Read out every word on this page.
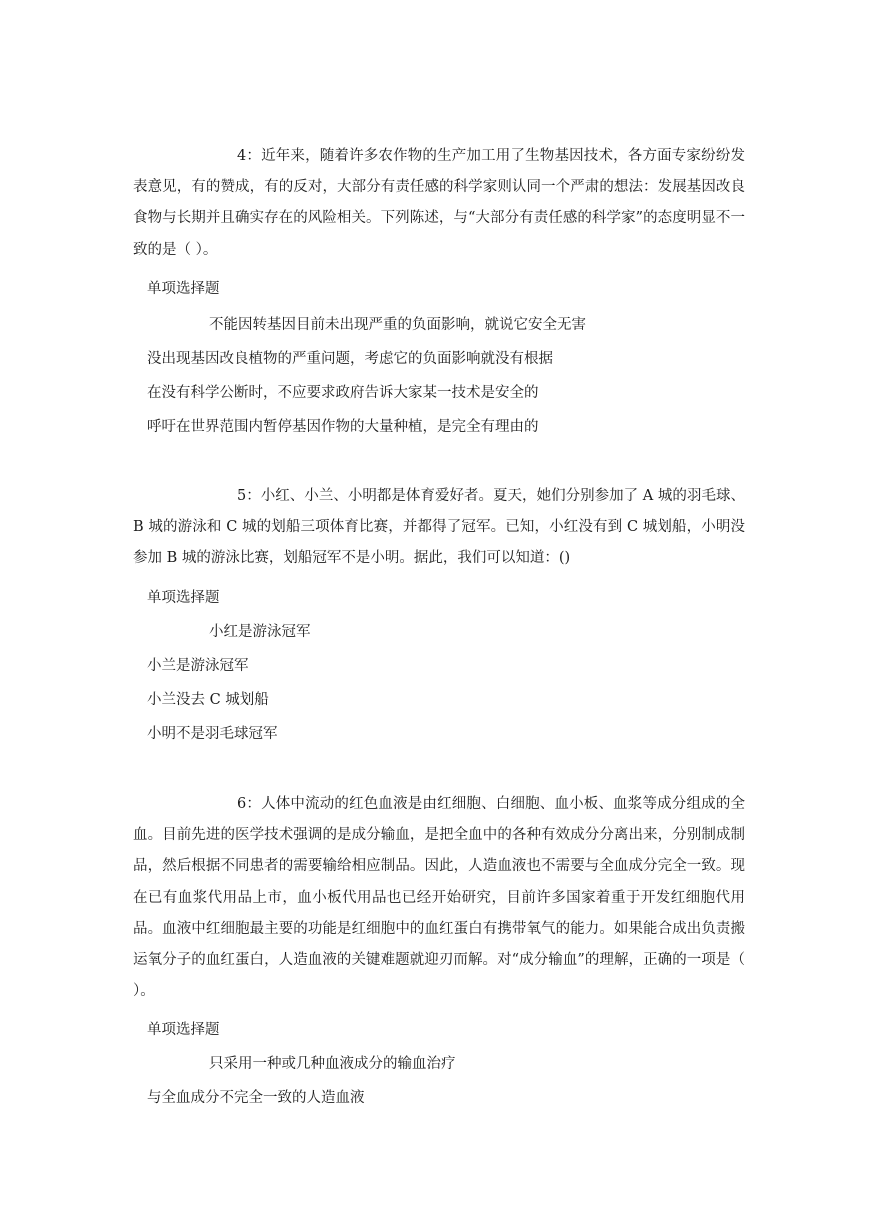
4：近年来，随着许多农作物的生产加工用了生物基因技术，各方面专家纷纷发表意见，有的赞成，有的反对，大部分有责任感的科学家则认同一个严肃的想法：发展基因改良食物与长期并且确实存在的风险相关。下列陈述，与“大部分有责任感的科学家”的态度明显不一致的是（ ）。

单项选择题

不能因转基因目前未出现严重的负面影响，就说它安全无害
没出现基因改良植物的严重问题，考虑它的负面影响就没有根据
在没有科学公断时，不应要求政府告诉大家某一技术是安全的
呼吁在世界范围内暂停基因作物的大量种植，是完全有理由的

5：小红、小兰、小明都是体育爱好者。夏天，她们分别参加了 A 城的羽毛球、B 城的游泳和 C 城的划船三项体育比赛，并都得了冠军。已知，小红没有到 C 城划船，小明没参加 B 城的游泳比赛，划船冠军不是小明。据此，我们可以知道：()

单项选择题

小红是游泳冠军
小兰是游泳冠军
小兰没去 C 城划船
小明不是羽毛球冠军

6：人体中流动的红色血液是由红细胞、白细胞、血小板、血浆等成分组成的全血。目前先进的医学技术强调的是成分输血，是把全血中的各种有效成分分离出来，分别制成制品，然后根据不同患者的需要输给相应制品。因此，人造血液也不需要与全血成分完全一致。现在已有血浆代用品上市，血小板代用品也已经开始研究，目前许多国家着重于开发红细胞代用品。血液中红细胞最主要的功能是红细胞中的血红蛋白有携带氧气的能力。如果能合成出负责搬运氧分子的血红蛋白，人造血液的关键难题就迎刃而解。对“成分输血”的理解，正确的一项是（ ）。

单项选择题

只采用一种或几种血液成分的输血治疗
与全血成分不完全一致的人造血液
